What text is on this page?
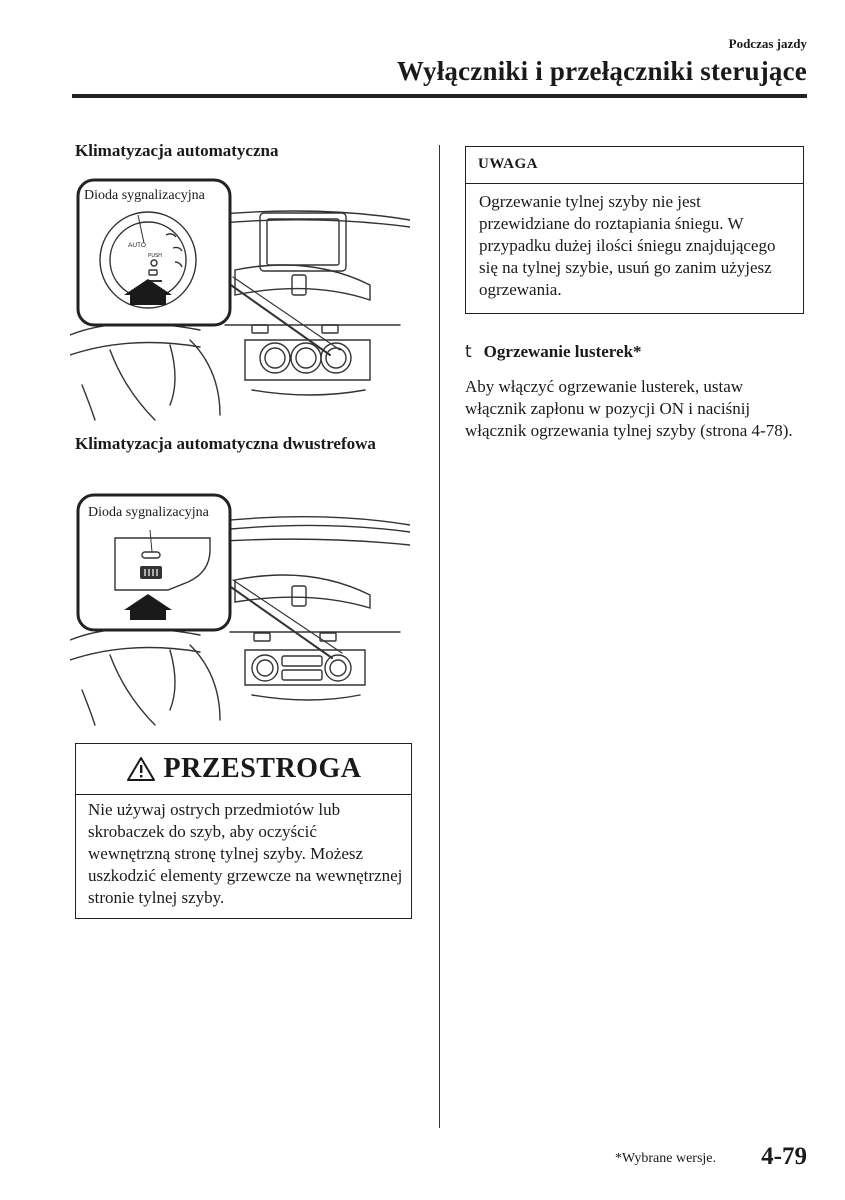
Podczas jazdy
Wyłączniki i przełączniki sterujące
Klimatyzacja automatyczna
AUTO
PUSH
Dioda sygnalizacyjna
Klimatyzacja automatyczna dwustrefowa
Dioda sygnalizacyjna
PRZESTROGA
Nie używaj ostrych przedmiotów lub skrobaczek do szyb, aby oczyścić wewnętrzną stronę tylnej szyby. Możesz uszkodzić elementy grzewcze na wewnętrznej stronie tylnej szyby.
UWAGA
Ogrzewanie tylnej szyby nie jest przewidziane do roztapiania śniegu. W przypadku dużej ilości śniegu znajdującego się na tylnej szybie, usuń go zanim użyjesz ogrzewania.
t Ogrzewanie lusterek*
Aby włączyć ogrzewanie lusterek, ustaw włącznik zapłonu w pozycji ON i naciśnij włącznik ogrzewania tylnej szyby (strona 4-78).
*Wybrane wersje. 4-79
